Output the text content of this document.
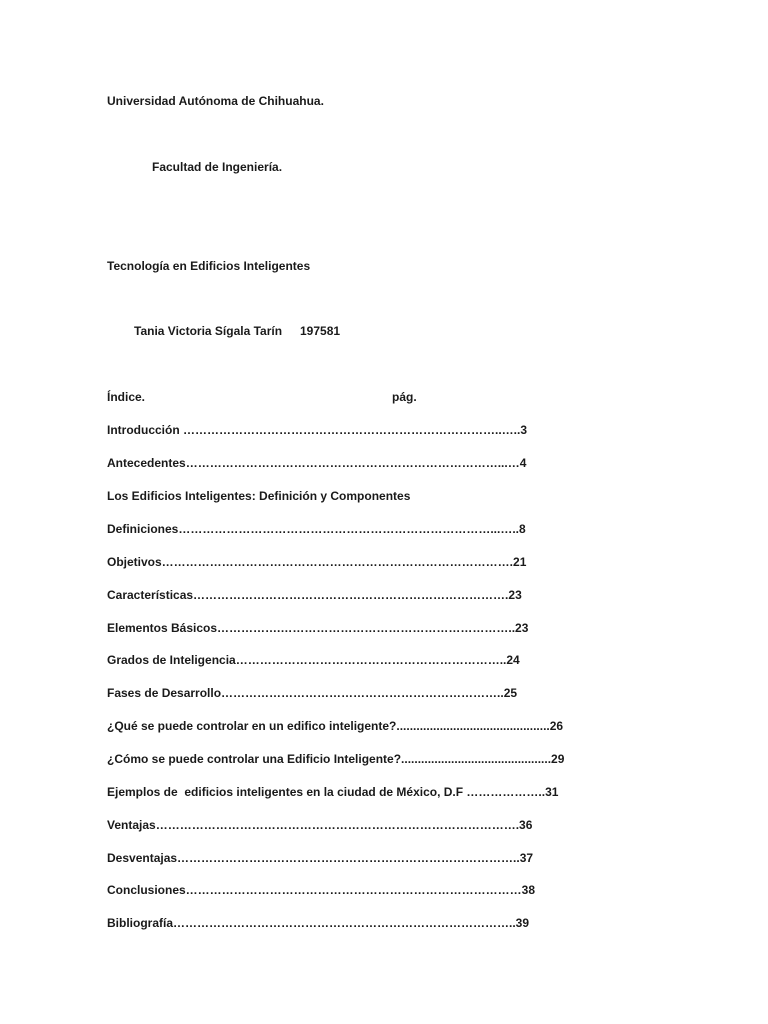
Universidad Autónoma de Chihuahua.
Facultad de Ingeniería.
Tecnología en Edificios Inteligentes
Tania Victoria Sígala Tarín 197581
Índice.	pág.
Introducción ……………………………………………………………………..…..3
Antecedentes……………………………………………………………………...…4
Los Edificios Inteligentes: Definición y Componentes
Definiciones……………………………………………………………………...…..8
Objetivos…………………………………………………………………………….21
Características…………………………………………………………………….23
Elementos Básicos…………….…………………………………………………..23
Grados de Inteligencia…………………………………………………………..24
Fases de Desarrollo……………………………………………………………..25
¿Qué se puede controlar en un edifico inteligente?..............................................26
¿Cómo se puede controlar una Edificio Inteligente?.............................................29
Ejemplos de  edificios inteligentes en la ciudad de México, D.F ………………..31
Ventajas……………………………………………………………………………….36
Desventajas…………………………………………………………………………..37
Conclusiones…………………………………………………………………………38
Bibliografía…………………………………………………………………………..39
